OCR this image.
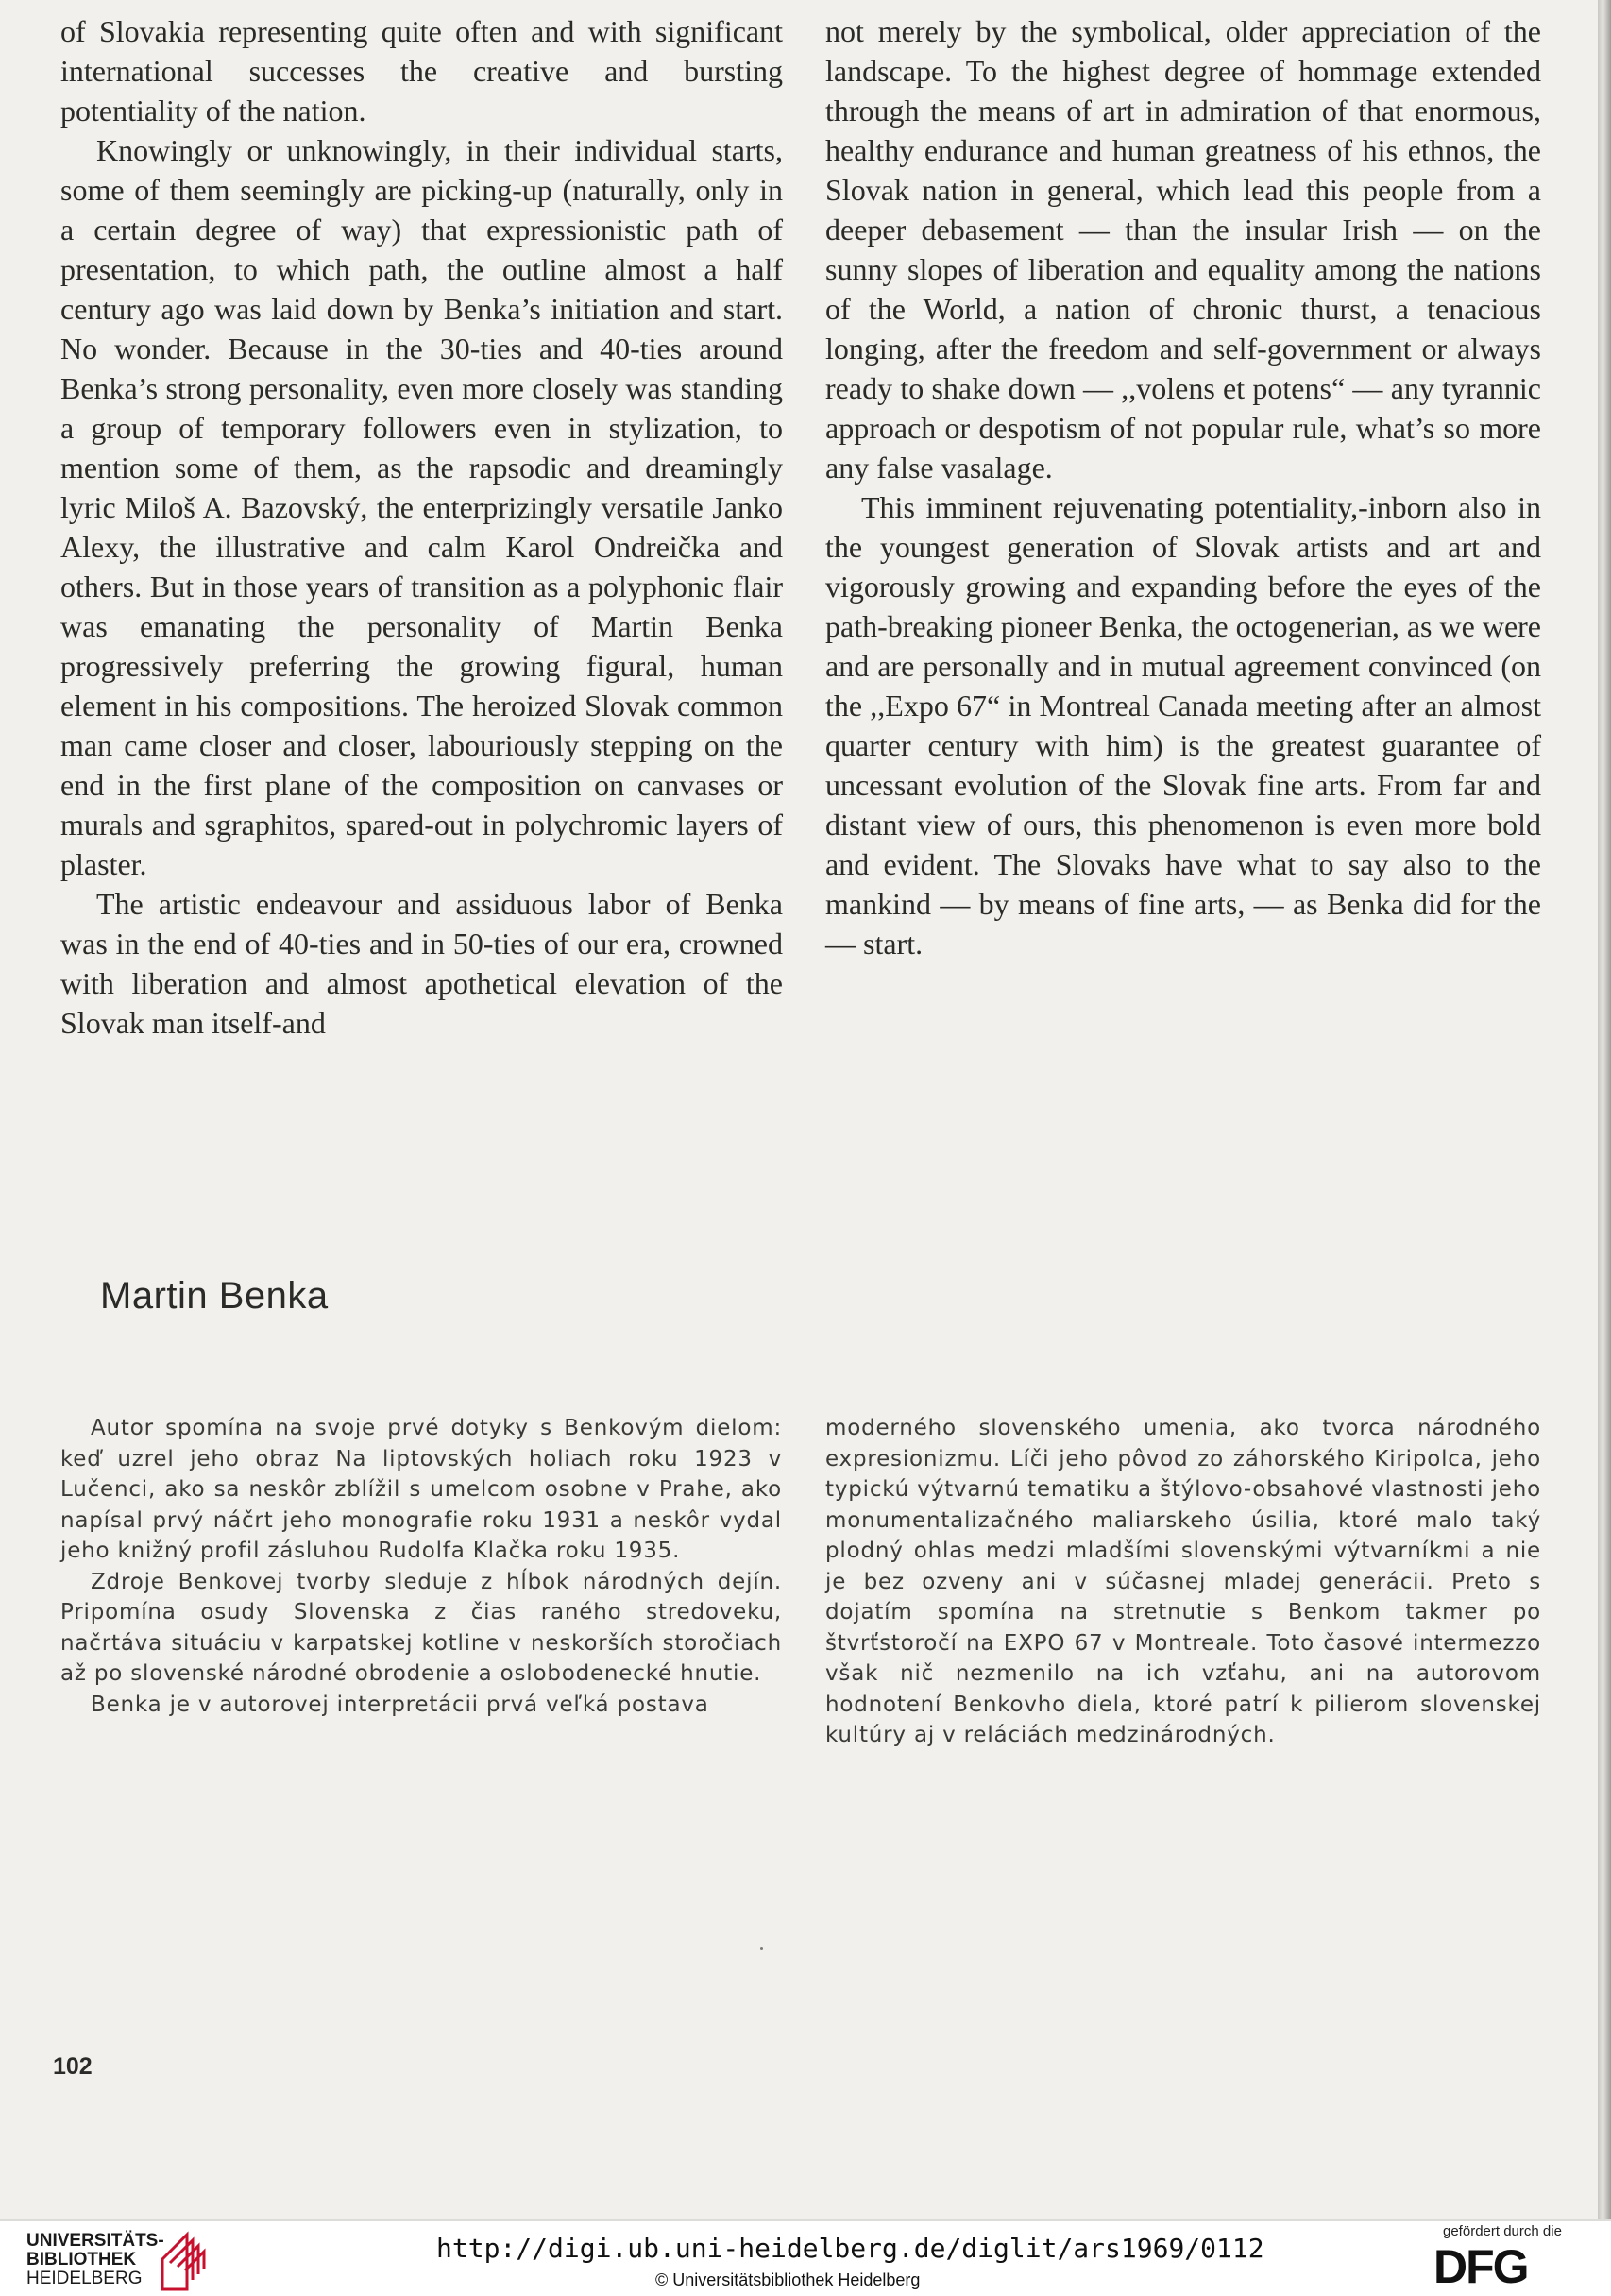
of Slovakia representing quite often and with significant international successes the creative and bursting potentiality of the nation.

Knowingly or unknowingly, in their individual starts, some of them seemingly are picking-up (naturally, only in a certain degree of way) that expressionistic path of presentation, to which path, the outline almost a half century ago was laid down by Benka’s initiation and start. No wonder. Because in the 30-ties and 40-ties around Benka’s strong personality, even more closely was standing a group of temporary followers even in stylization, to mention some of them, as the rapsodic and dreamingly lyric Miloš A. Bazovský, the enterprizingly versatile Janko Alexy, the illustrative and calm Karol Ondreička and others. But in those years of transition as a polyphonic flair was emanating the personality of Martin Benka progressively preferring the growing figural, human element in his compositions. The heroized Slovak common man came closer and closer, labouriously stepping on the end in the first plane of the composition on canvases or murals and sgraphitos, spared-out in polychromic layers of plaster.

The artistic endeavour and assiduous labor of Benka was in the end of 40-ties and in 50-ties of our era, crowned with liberation and almost apothetical elevation of the Slovak man itself-and

not merely by the symbolical, older appreciation of the landscape. To the highest degree of hommage extended through the means of art in admiration of that enormous, healthy endurance and human greatness of his ethnos, the Slovak nation in general, which lead this people from a deeper debasement — than the insular Irish — on the sunny slopes of liberation and equality among the nations of the World, a nation of chronic thurst, a tenacious longing, after the freedom and self-government or always ready to shake down — ,,volens et potens“ — any tyrannic approach or despotism of not popular rule, what’s so more any false vasalage.

This imminent rejuvenating potentiality,-inborn also in the youngest generation of Slovak artists and art and vigorously growing and expanding before the eyes of the path-breaking pioneer Benka, the octogenerian, as we were and are personally and in mutual agreement convinced (on the ,,Expo 67“ in Montreal Canada meeting after an almost quarter century with him) is the greatest guarantee of uncessant evolution of the Slovak fine arts. From far and distant view of ours, this phenomenon is even more bold and evident. The Slovaks have what to say also to the mankind — by means of fine arts, — as Benka did for the — start.

Martin Benka

Autor spomína na svoje prvé dotyky s Benkovým dielom: keď uzrel jeho obraz Na liptovských holiach roku 1923 v Lučenci, ako sa neskôr zblížil s umelcom osobne v Prahe, ako napísal prvý náčrt jeho monografie roku 1931 a neskôr vydal jeho knižný profil zásluhou Rudolfa Klačka roku 1935.

Zdroje Benkovej tvorby sleduje z hĺbok národných dejín. Pripomína osudy Slovenska z čias raného stredoveku, načrtáva situáciu v karpatskej kotline v neskorších storočiach až po slovenské národné obrodenie a oslobodenecké hnutie.

Benka je v autorovej interpretácii prvá veľká postava

moderného slovenského umenia, ako tvorca národného expresionizmu. Líči jeho pôvod zo záhorského Kiripolca, jeho typickú výtvarnú tematiku a štýlovo-obsahové vlastnosti jeho monumentalizačného maliarskeho úsilia, ktoré malo taký plodný ohlas medzi mladšími slovenskými výtvarníkmi a nie je bez ozveny ani v súčasnej mladej generácii. Preto s dojatím spomína na stretnutie s Benkom takmer po štvrťstoročí na EXPO 67 v Montreale. Toto časové intermezzo však nič nezmenilo na ich vzťahu, ani na autorovom hodnotení Benkovho diela, ktoré patrí k pilierom slovenskej kultúry aj v reláciách medzinárodných.

102
UNIVERSITÄTS-
BIBLIOTHEK
HEIDELBERG
http://digi.ub.uni-heidelberg.de/diglit/ars1969/0112
© Universitätsbibliothek Heidelberg
gefördert durch die
DFG
